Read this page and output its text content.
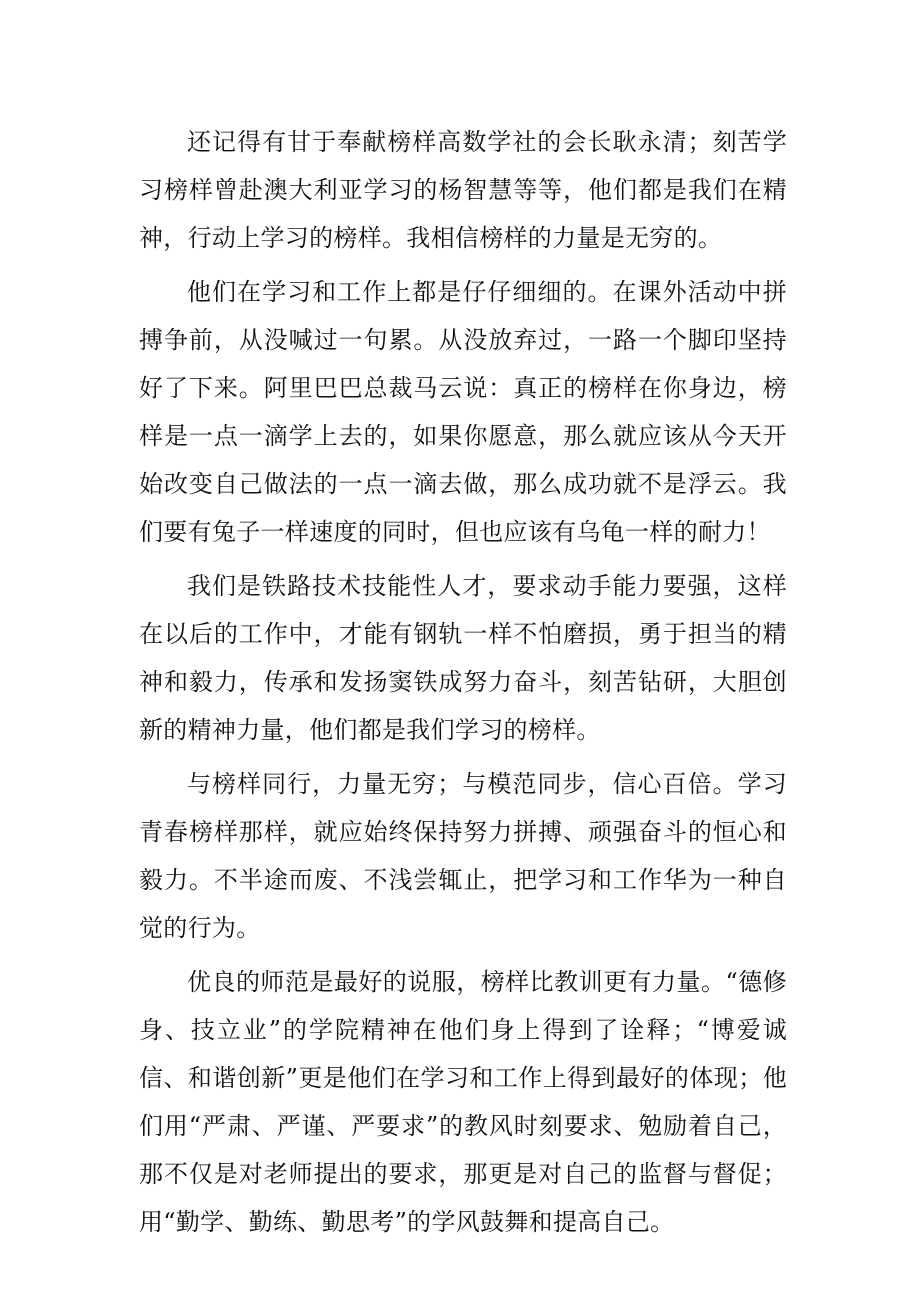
还记得有甘于奉献榜样高数学社的会长耿永清；刻苦学习榜样曾赴澳大利亚学习的杨智慧等等，他们都是我们在精神，行动上学习的榜样。我相信榜样的力量是无穷的。

他们在学习和工作上都是仔仔细细的。在课外活动中拼搏争前，从没喊过一句累。从没放弃过，一路一个脚印坚持好了下来。阿里巴巴总裁马云说：真正的榜样在你身边，榜样是一点一滴学上去的，如果你愿意，那么就应该从今天开始改变自己做法的一点一滴去做，那么成功就不是浮云。我们要有兔子一样速度的同时，但也应该有乌龟一样的耐力！

我们是铁路技术技能性人才，要求动手能力要强，这样在以后的工作中，才能有钢轨一样不怕磨损，勇于担当的精神和毅力，传承和发扬窦铁成努力奋斗，刻苦钻研，大胆创新的精神力量，他们都是我们学习的榜样。

与榜样同行，力量无穷；与模范同步，信心百倍。学习青春榜样那样，就应始终保持努力拼搏、顽强奋斗的恒心和毅力。不半途而废、不浅尝辄止，把学习和工作华为一种自觉的行为。

优良的师范是最好的说服，榜样比教训更有力量。“德修身、技立业”的学院精神在他们身上得到了诠释；“博爱诚信、和谐创新”更是他们在学习和工作上得到最好的体现；他们用“严肃、严谨、严要求”的教风时刻要求、勉励着自己，那不仅是对老师提出的要求，那更是对自己的监督与督促；用“勤学、勤练、勤思考”的学风鼓舞和提高自己。
